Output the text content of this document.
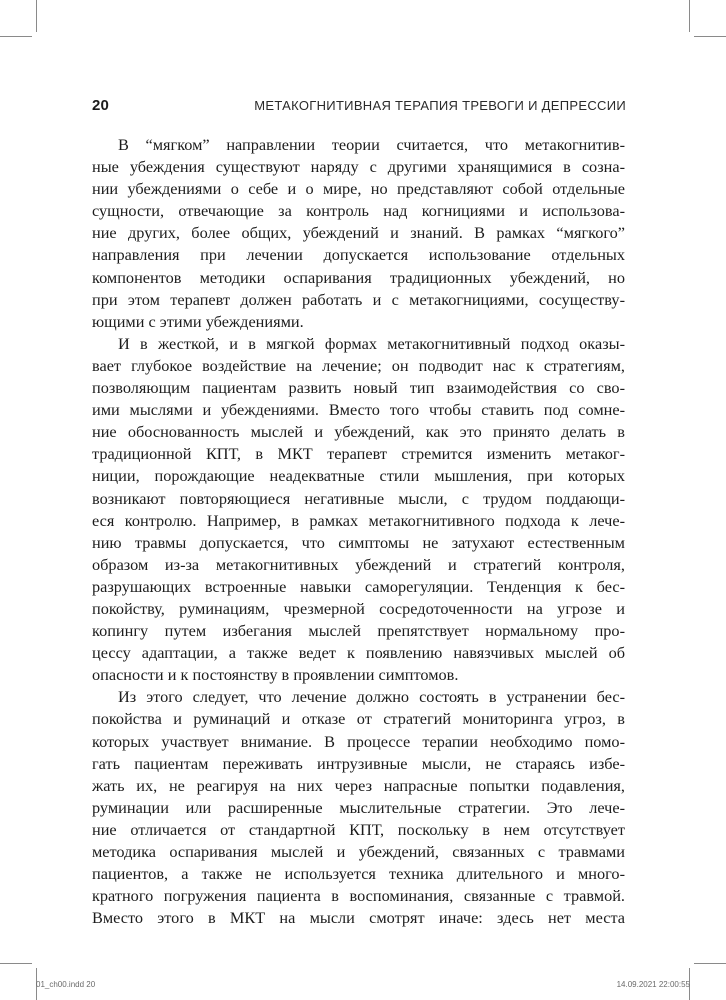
20	МЕТАКОГНИТИВНАЯ ТЕРАПИЯ ТРЕВОГИ И ДЕПРЕССИИ
В “мягком” направлении теории считается, что метакогнитив-
ные убеждения существуют наряду с другими хранящимися в созна-
нии убеждениями о себе и о мире, но представляют собой отдельные
сущности, отвечающие за контроль над когнициями и использова-
ние других, более общих, убеждений и знаний. В рамках “мягкого”
направления при лечении допускается использование отдельных
компонентов методики оспаривания традиционных убеждений, но
при этом терапевт должен работать и с метакогнициями, сосуществу-
ющими с этими убеждениями.
И в жесткой, и в мягкой формах метакогнитивный подход оказы-
вает глубокое воздействие на лечение; он подводит нас к стратегиям,
позволяющим пациентам развить новый тип взаимодействия со сво-
ими мыслями и убеждениями. Вместо того чтобы ставить под сомне-
ние обоснованность мыслей и убеждений, как это принято делать в
традиционной КПТ, в МКТ терапевт стремится изменить метаког-
ниции, порождающие неадекватные стили мышления, при которых
возникают повторяющиеся негативные мысли, с трудом поддающи-
еся контролю. Например, в рамках метакогнитивного подхода к лече-
нию травмы допускается, что симптомы не затухают естественным
образом из-за метакогнитивных убеждений и стратегий контроля,
разрушающих встроенные навыки саморегуляции. Тенденция к бес-
покойству, руминациям, чрезмерной сосредоточенности на угрозе и
копингу путем избегания мыслей препятствует нормальному про-
цессу адаптации, а также ведет к появлению навязчивых мыслей об
опасности и к постоянству в проявлении симптомов.
Из этого следует, что лечение должно состоять в устранении бес-
покойства и руминаций и отказе от стратегий мониторинга угроз, в
которых участвует внимание. В процессе терапии необходимо помо-
гать пациентам переживать интрузивные мысли, не стараясь избе-
жать их, не реагируя на них через напрасные попытки подавления,
руминации или расширенные мыслительные стратегии. Это лече-
ние отличается от стандартной КПТ, поскольку в нем отсутствует
методика оспаривания мыслей и убеждений, связанных с травмами
пациентов, а также не используется техника длительного и много-
кратного погружения пациента в воспоминания, связанные с травмой.
Вместо этого в МКТ на мысли смотрят иначе: здесь нет места
01_ch00.indd 20	14.09.2021 22:00:55
